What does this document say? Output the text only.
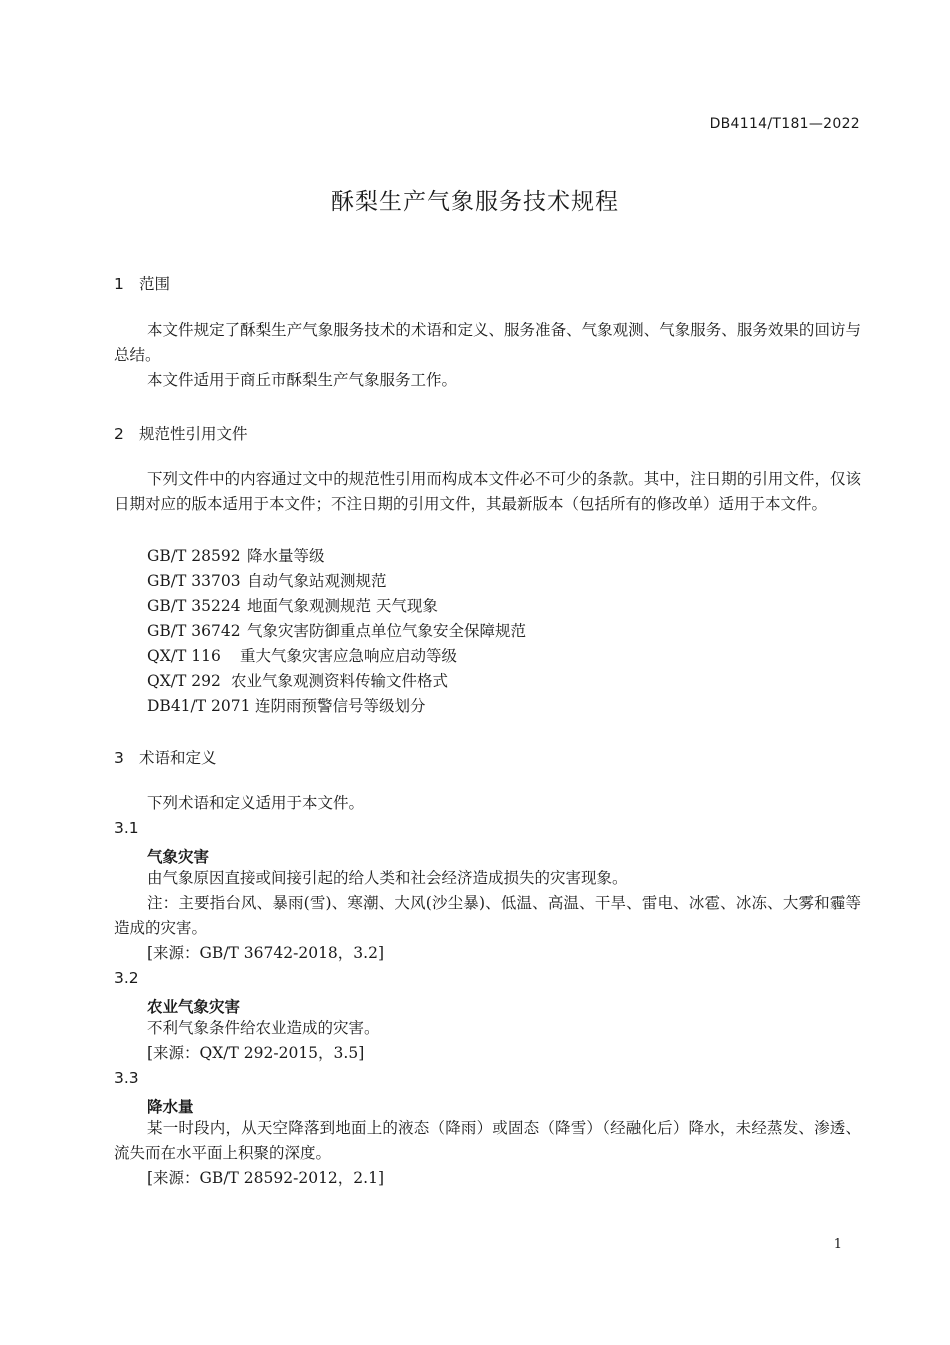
DB4114/T181—2022
酥梨生产气象服务技术规程
1 范围
本文件规定了酥梨生产气象服务技术的术语和定义、服务准备、气象观测、气象服务、服务效果的回访与总结。
本文件适用于商丘市酥梨生产气象服务工作。
2 规范性引用文件
下列文件中的内容通过文中的规范性引用而构成本文件必不可少的条款。其中，注日期的引用文件，仅该日期对应的版本适用于本文件；不注日期的引用文件，其最新版本（包括所有的修改单）适用于本文件。
GB/T 28592 降水量等级
GB/T 33703 自动气象站观测规范
GB/T 35224 地面气象观测规范 天气现象
GB/T 36742 气象灾害防御重点单位气象安全保障规范
QX/T 116 重大气象灾害应急响应启动等级
QX/T 292 农业气象观测资料传输文件格式
DB41/T 2071 连阴雨预警信号等级划分
3 术语和定义
下列术语和定义适用于本文件。
3.1
气象灾害
由气象原因直接或间接引起的给人类和社会经济造成损失的灾害现象。
注：主要指台风、暴雨(雪)、寒潮、大风(沙尘暴)、低温、高温、干旱、雷电、冰雹、冰冻、大雾和霾等造成的灾害。
[来源：GB/T 36742-2018，3.2]
3.2
农业气象灾害
不利气象条件给农业造成的灾害。
[来源：QX/T 292-2015，3.5]
3.3
降水量
某一时段内，从天空降落到地面上的液态（降雨）或固态（降雪）（经融化后）降水，未经蒸发、渗透、流失而在水平面上积聚的深度。
[来源：GB/T 28592-2012，2.1]
1
